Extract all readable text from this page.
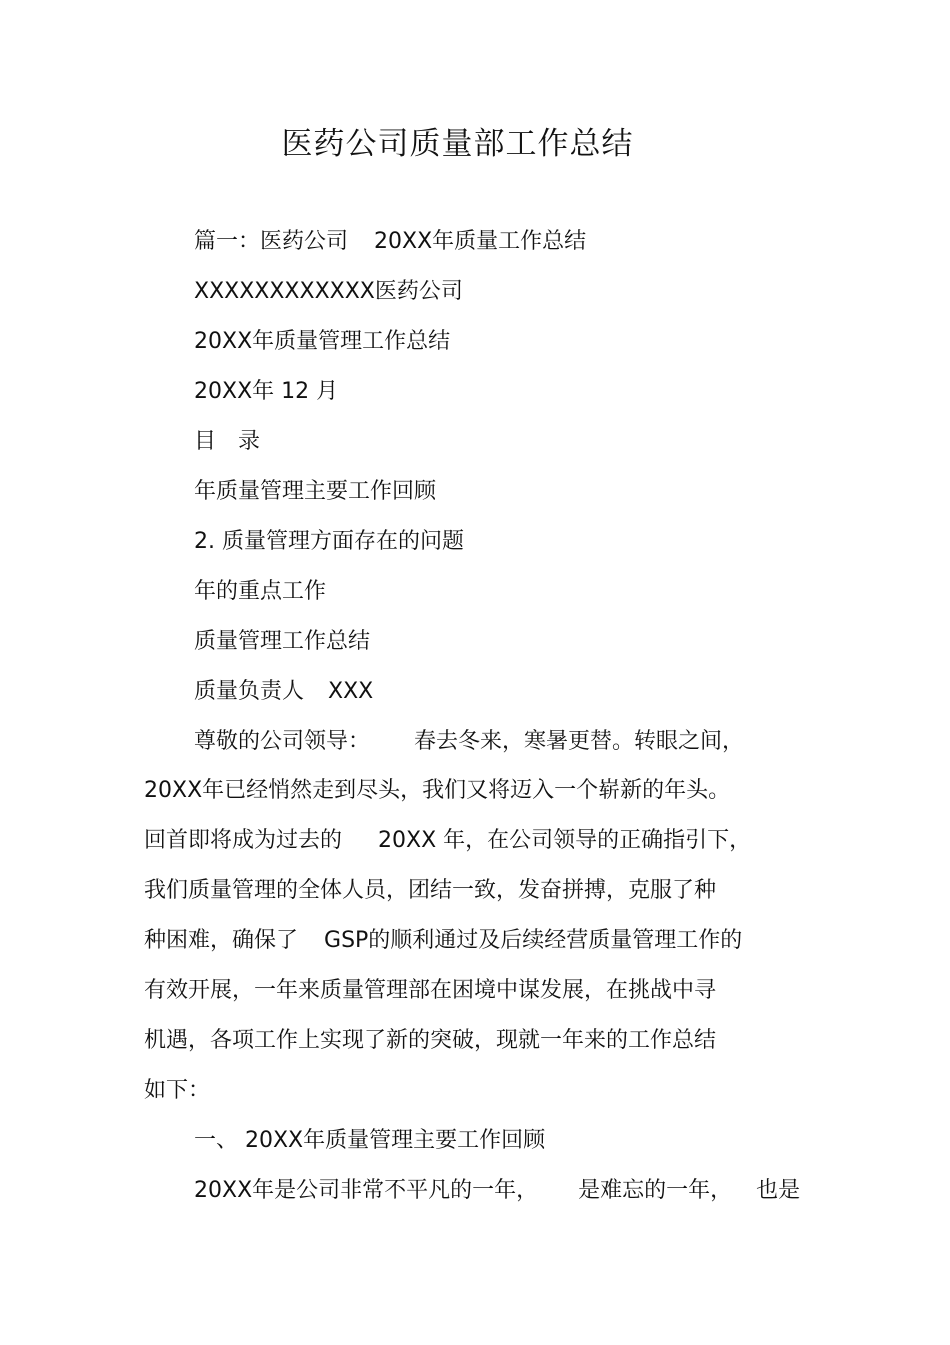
医药公司质量部工作总结
篇一：医药公司 20XX年质量工作总结
XXXXXXXXXXXX医药公司
20XX年质量管理工作总结
20XX年 12 月
目　录
年质量管理主要工作回顾
2. 质量管理方面存在的问题
年的重点工作
质量管理工作总结
质量负责人 XXX
尊敬的公司领导： 春去冬来，寒暑更替。转眼之间，
20XX年已经悄然走到尽头，我们又将迈入一个崭新的年头。
回首即将成为过去的 20XX 年，在公司领导的正确指引下，
我们质量管理的全体人员，团结一致，发奋拼搏，克服了种
种困难，确保了 GSP的顺利通过及后续经营质量管理工作的
有效开展，一年来质量管理部在困境中谋发展，在挑战中寻
机遇，各项工作上实现了新的突破，现就一年来的工作总结
如下：
一、 20XX年质量管理主要工作回顾
20XX年是公司非常不平凡的一年， 是难忘的一年， 也是
